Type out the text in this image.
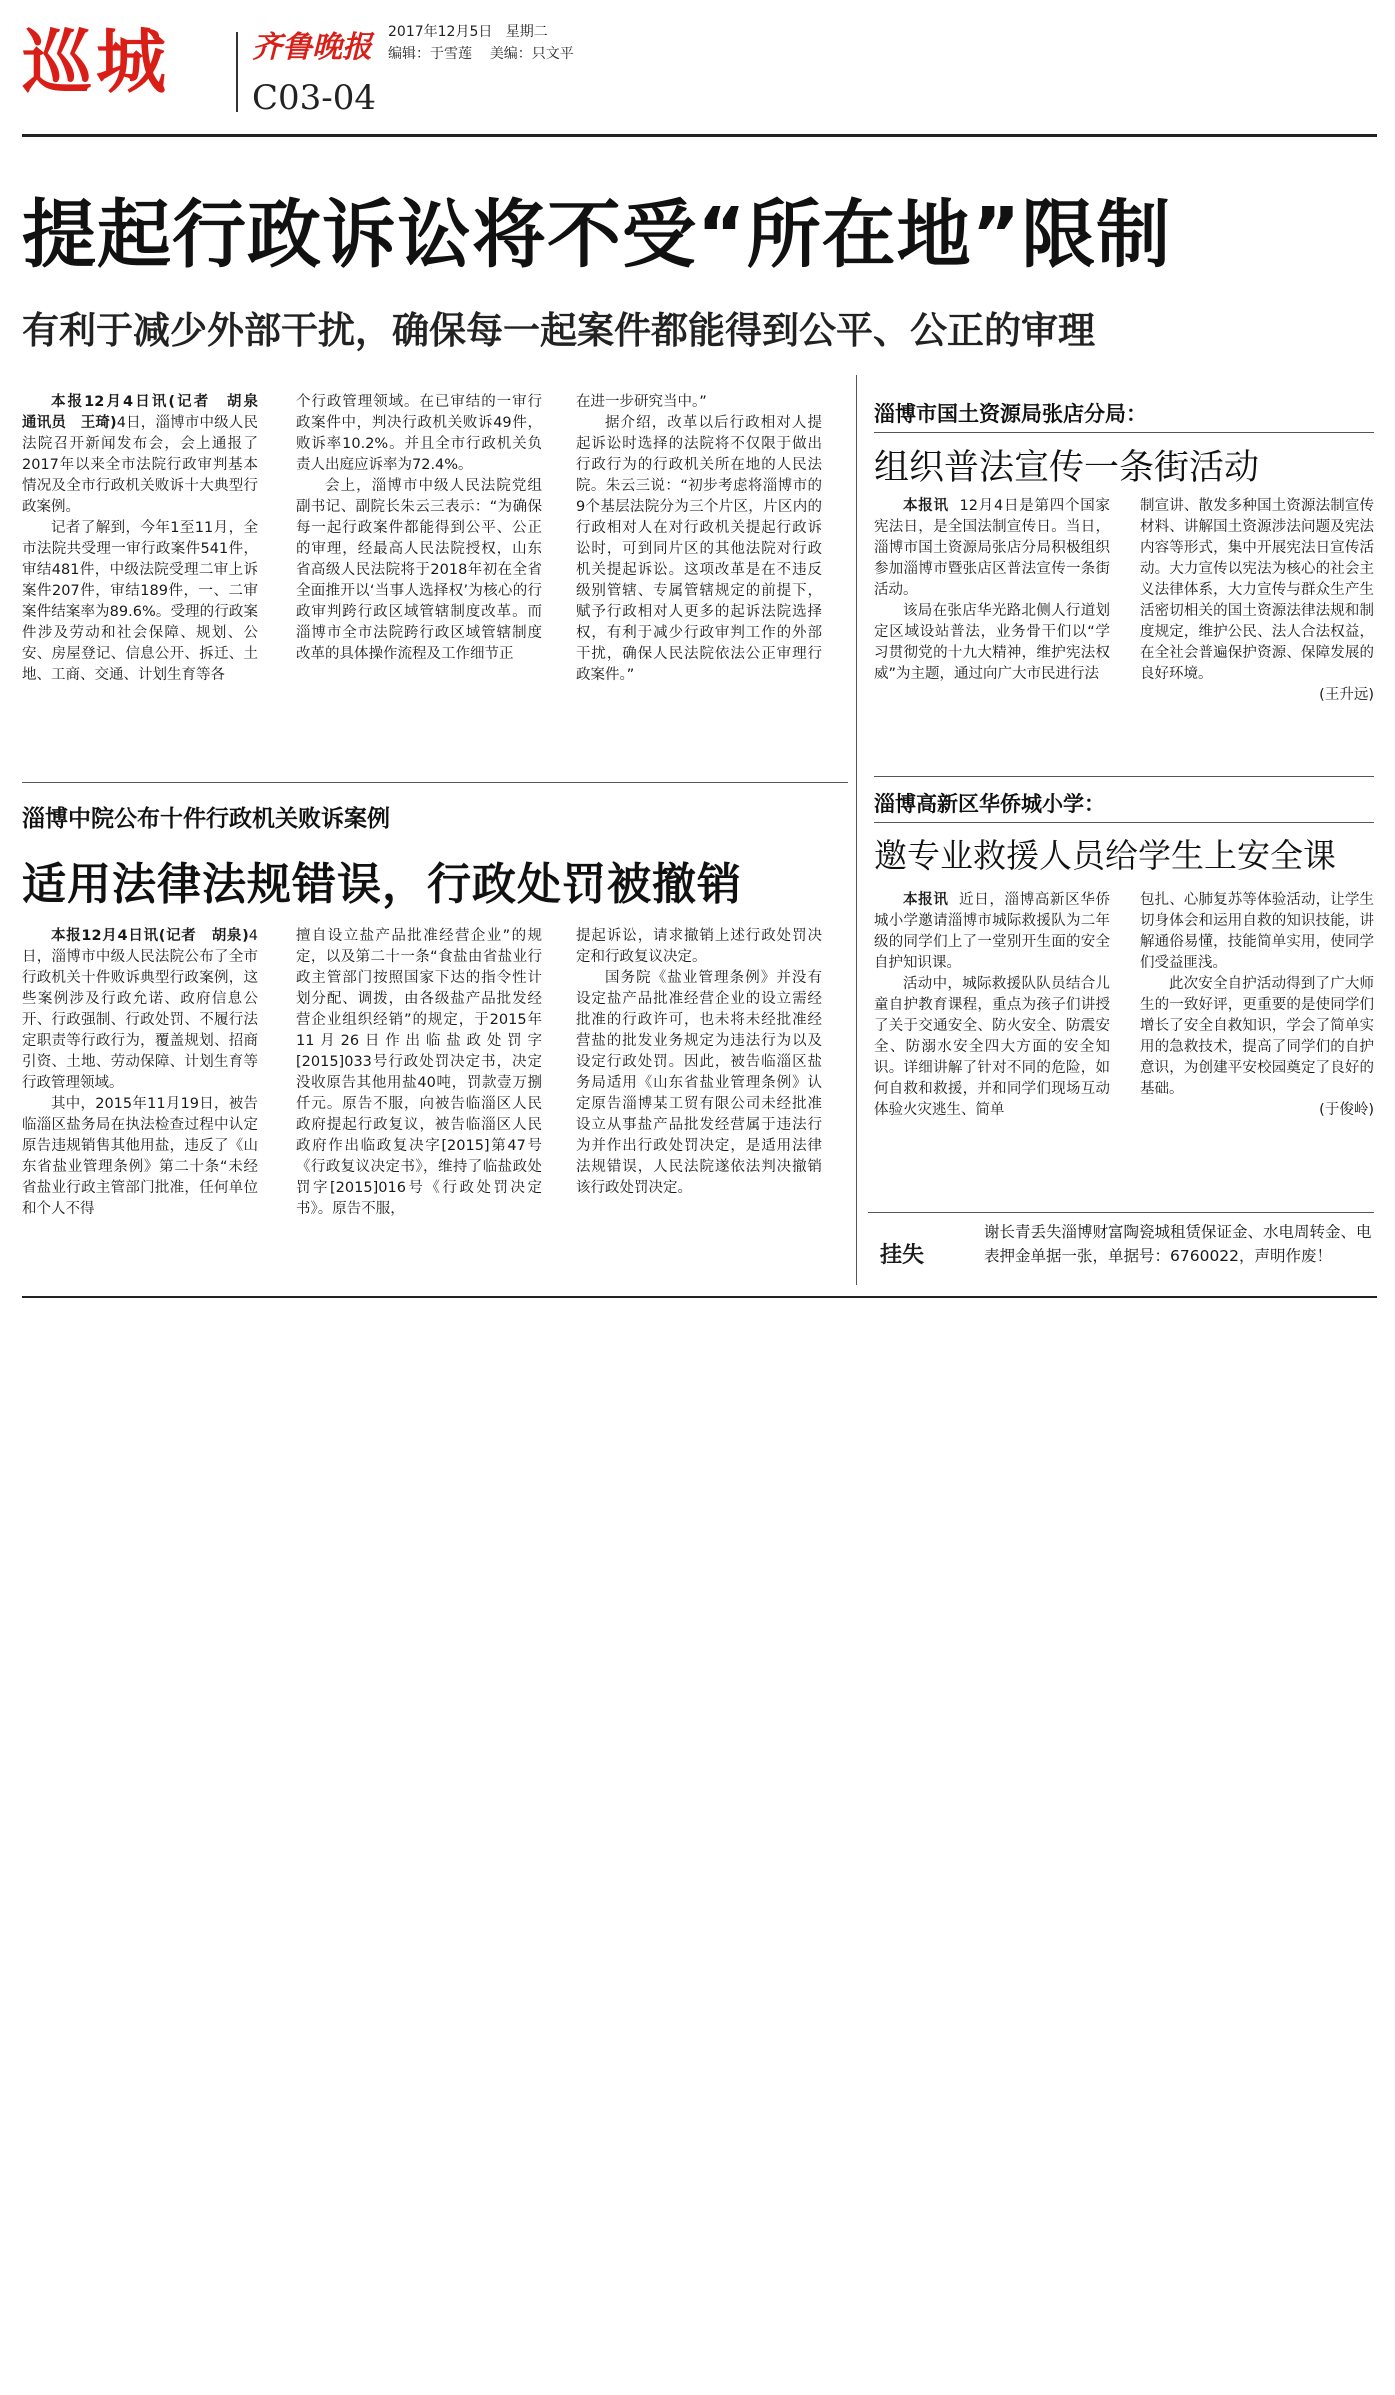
巡城	齐鲁晚报 2017年12月5日 星期二
编辑：于雪莲 美编：只文平
C03-04
提起行政诉讼将不受“所在地”限制
有利于减少外部干扰，确保每一起案件都能得到公平、公正的审理

本报12月4日讯(记者　胡泉　通讯员　王琦)4日，淄博市中级人民法院召开新闻发布会，会上通报了2017年以来全市法院行政审判基本情况及全市行政机关败诉十大典型行政案例。

记者了解到，今年1至11月，全市法院共受理一审行政案件541件，审结481件，中级法院受理二审上诉案件207件，审结189件，一、二审案件结案率为89.6%。受理的行政案件涉及劳动和社会保障、规划、公安、房屋登记、信息公开、拆迁、土地、工商、交通、计划生育等各

个行政管理领域。在已审结的一审行政案件中，判决行政机关败诉49件，败诉率10.2%。并且全市行政机关负责人出庭应诉率为72.4%。

会上，淄博市中级人民法院党组副书记、副院长朱云三表示：“为确保每一起行政案件都能得到公平、公正的审理，经最高人民法院授权，山东省高级人民法院将于2018年初在全省全面推开以‘当事人选择权’为核心的行政审判跨行政区域管辖制度改革。而淄博市全市法院跨行政区域管辖制度改革的具体操作流程及工作细节正

在进一步研究当中。”

据介绍，改革以后行政相对人提起诉讼时选择的法院将不仅限于做出行政行为的行政机关所在地的人民法院。朱云三说：“初步考虑将淄博市的9个基层法院分为三个片区，片区内的行政相对人在对行政机关提起行政诉讼时，可到同片区的其他法院对行政机关提起诉讼。这项改革是在不违反级别管辖、专属管辖规定的前提下，赋予行政相对人更多的起诉法院选择权，有利于减少行政审判工作的外部干扰，确保人民法院依法公正审理行政案件。”

淄博中院公布十件行政机关败诉案例
适用法律法规错误，行政处罚被撤销

本报12月4日讯(记者　胡泉)4日，淄博市中级人民法院公布了全市行政机关十件败诉典型行政案例，这些案例涉及行政允诺、政府信息公开、行政强制、行政处罚、不履行法定职责等行政行为，覆盖规划、招商引资、土地、劳动保障、计划生育等行政管理领域。

其中，2015年11月19日，被告临淄区盐务局在执法检查过程中认定原告违规销售其他用盐，违反了《山东省盐业管理条例》第二十条“未经省盐业行政主管部门批准，任何单位和个人不得

擅自设立盐产品批准经营企业”的规定，以及第二十一条“食盐由省盐业行政主管部门按照国家下达的指令性计划分配、调拨，由各级盐产品批发经营企业组织经销”的规定，于2015年11月26日作出临盐政处罚字[2015]033号行政处罚决定书，决定没收原告其他用盐40吨，罚款壹万捌仟元。原告不服，向被告临淄区人民政府提起行政复议，被告临淄区人民政府作出临政复决字[2015]第47号《行政复议决定书》，维持了临盐政处罚字[2015]016号《行政处罚决定书》。原告不服，

提起诉讼，请求撤销上述行政处罚决定和行政复议决定。

国务院《盐业管理条例》并没有设定盐产品批准经营企业的设立需经批准的行政许可，也未将未经批准经营盐的批发业务规定为违法行为以及设定行政处罚。因此，被告临淄区盐务局适用《山东省盐业管理条例》认定原告淄博某工贸有限公司未经批准设立从事盐产品批发经营属于违法行为并作出行政处罚决定，是适用法律法规错误，人民法院遂依法判决撤销该行政处罚决定。

淄博市国土资源局张店分局：
组织普法宣传一条街活动

本报讯 12月4日是第四个国家宪法日，是全国法制宣传日。当日，淄博市国土资源局张店分局积极组织参加淄博市暨张店区普法宣传一条街活动。

该局在张店华光路北侧人行道划定区域设站普法，业务骨干们以“学习贯彻党的十九大精神，维护宪法权威”为主题，通过向广大市民进行法

制宣讲、散发多种国土资源法制宣传材料、讲解国土资源涉法问题及宪法内容等形式，集中开展宪法日宣传活动。大力宣传以宪法为核心的社会主义法律体系，大力宣传与群众生产生活密切相关的国土资源法律法规和制度规定，维护公民、法人合法权益，在全社会普遍保护资源、保障发展的良好环境。

(王升远)
淄博高新区华侨城小学：
邀专业救援人员给学生上安全课

本报讯 近日，淄博高新区华侨城小学邀请淄博市城际救援队为二年级的同学们上了一堂别开生面的安全自护知识课。

活动中，城际救援队队员结合儿童自护教育课程，重点为孩子们讲授了关于交通安全、防火安全、防震安全、防溺水安全四大方面的安全知识。详细讲解了针对不同的危险，如何自救和救援，并和同学们现场互动体验火灾逃生、简单

包扎、心肺复苏等体验活动，让学生切身体会和运用自救的知识技能，讲解通俗易懂，技能简单实用，使同学们受益匪浅。

此次安全自护活动得到了广大师生的一致好评，更重要的是使同学们增长了安全自救知识，学会了简单实用的急救技术，提高了同学们的自护意识，为创建平安校园奠定了良好的基础。

(于俊岭)
挂失
谢长青丢失淄博财富陶瓷城租赁保证金、水电周转金、电表押金单据一张，单据号：6760022，声明作废！
